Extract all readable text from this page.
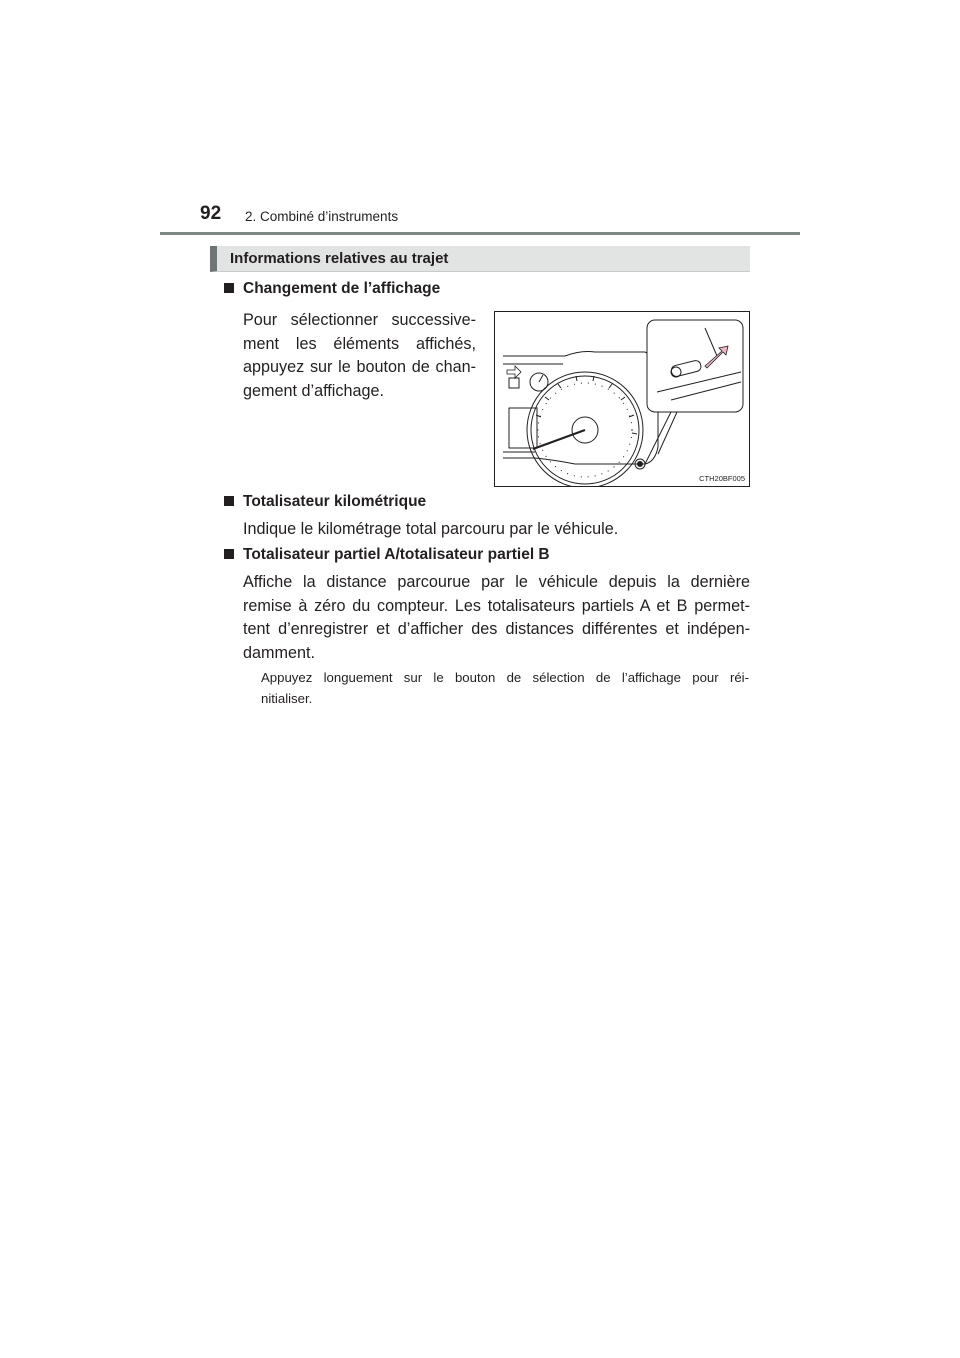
92 2. Combiné d’instruments
Informations relatives au trajet
Changement de l’affichage
Pour sélectionner successive-
ment les éléments affichés,
appuyez sur le bouton de chan-
gement d’affichage.
CTH20BF005
Totalisateur kilométrique
Indique le kilométrage total parcouru par le véhicule.
Totalisateur partiel A/totalisateur partiel B
Affiche la distance parcourue par le véhicule depuis la dernière
remise à zéro du compteur. Les totalisateurs partiels A et B permet-
tent d’enregistrer et d’afficher des distances différentes et indépen-
damment.
Appuyez longuement sur le bouton de sélection de l’affichage pour réi-
nitialiser.
